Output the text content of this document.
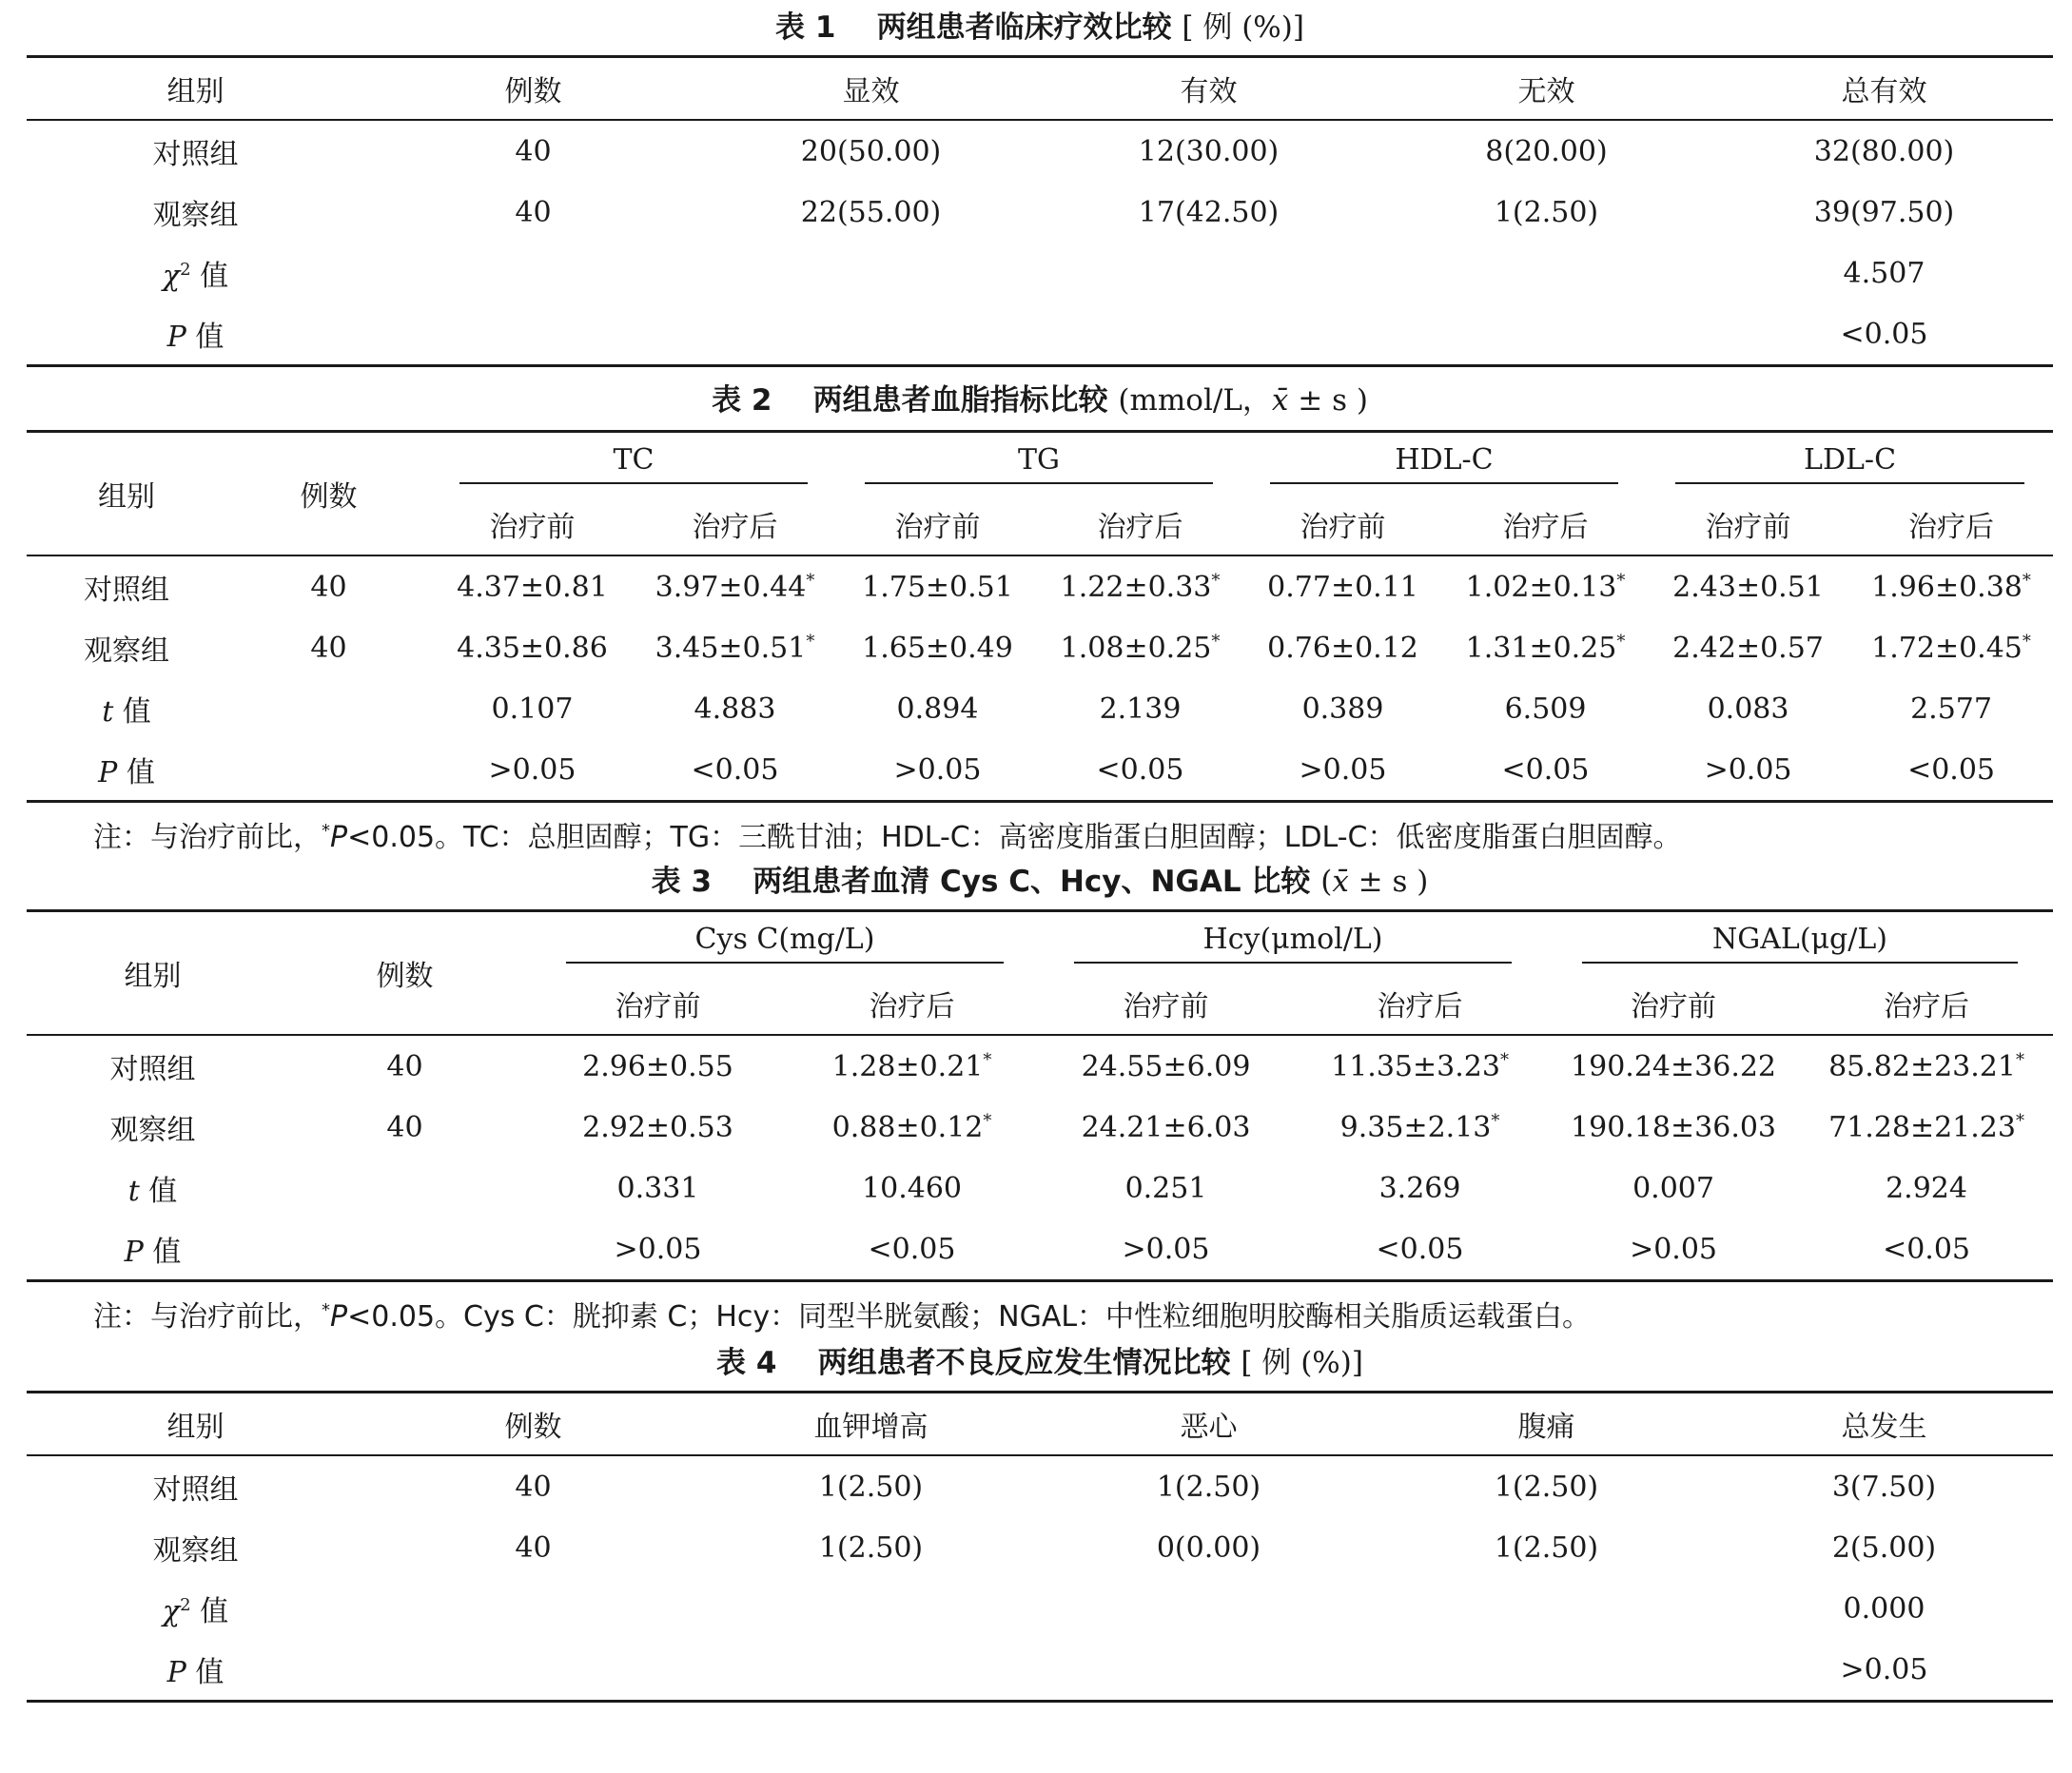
表 1 两组患者临床疗效比较 [ 例 (%)]
组别	例数	显效	有效	无效	总有效
对照组	40	20(50.00)	12(30.00)	8(20.00)	32(80.00)
观察组	40	22(55.00)	17(42.50)	1(2.50)	39(97.50)
$\chi^2$ 值					4.507
P 值					<0.05
表 2 两组患者血脂指标比较 (mmol/L，x̄ ± s )
组别	例数	TC		TG		HDL-C		LDL-C	

		治疗前	治疗后	治疗前	治疗后	治疗前	治疗后	治疗前	治疗后
对照组	40	4.37±0.81	3.97±0.44*	1.75±0.51	1.22±0.33*	0.77±0.11	1.02±0.13*	2.43±0.51	1.96±0.38*
观察组	40	4.35±0.86	3.45±0.51*	1.65±0.49	1.08±0.25*	0.76±0.12	1.31±0.25*	2.42±0.57	1.72±0.45*
t 值		0.107	4.883	0.894	2.139	0.389	6.509	0.083	2.577
P 值		>0.05	<0.05	>0.05	<0.05	>0.05	<0.05	>0.05	<0.05
注：与治疗前比，*P<0.05。TC：总胆固醇；TG：三酰甘油；HDL-C：高密度脂蛋白胆固醇；LDL-C：低密度脂蛋白胆固醇。
表 3 两组患者血清 Cys C、Hcy、NGAL 比较 (x̄ ± s )
组别	例数	Cys C(mg/L)		Hcy(μmol/L)		NGAL(μg/L)	

		治疗前	治疗后	治疗前	治疗后	治疗前	治疗后
对照组	40	2.96±0.55	1.28±0.21*	24.55±6.09	11.35±3.23*	190.24±36.22	85.82±23.21*
观察组	40	2.92±0.53	0.88±0.12*	24.21±6.03	9.35±2.13*	190.18±36.03	71.28±21.23*
t 值		0.331	10.460	0.251	3.269	0.007	2.924
P 值		>0.05	<0.05	>0.05	<0.05	>0.05	<0.05
注：与治疗前比，*P<0.05。Cys C：胱抑素 C；Hcy：同型半胱氨酸；NGAL：中性粒细胞明胶酶相关脂质运载蛋白。
表 4 两组患者不良反应发生情况比较 [ 例 (%)]
组别	例数	血钾增高	恶心	腹痛	总发生
对照组	40	1(2.50)	1(2.50)	1(2.50)	3(7.50)
观察组	40	1(2.50)	0(0.00)	1(2.50)	2(5.00)
$\chi^2$ 值					0.000
P 值					>0.05
